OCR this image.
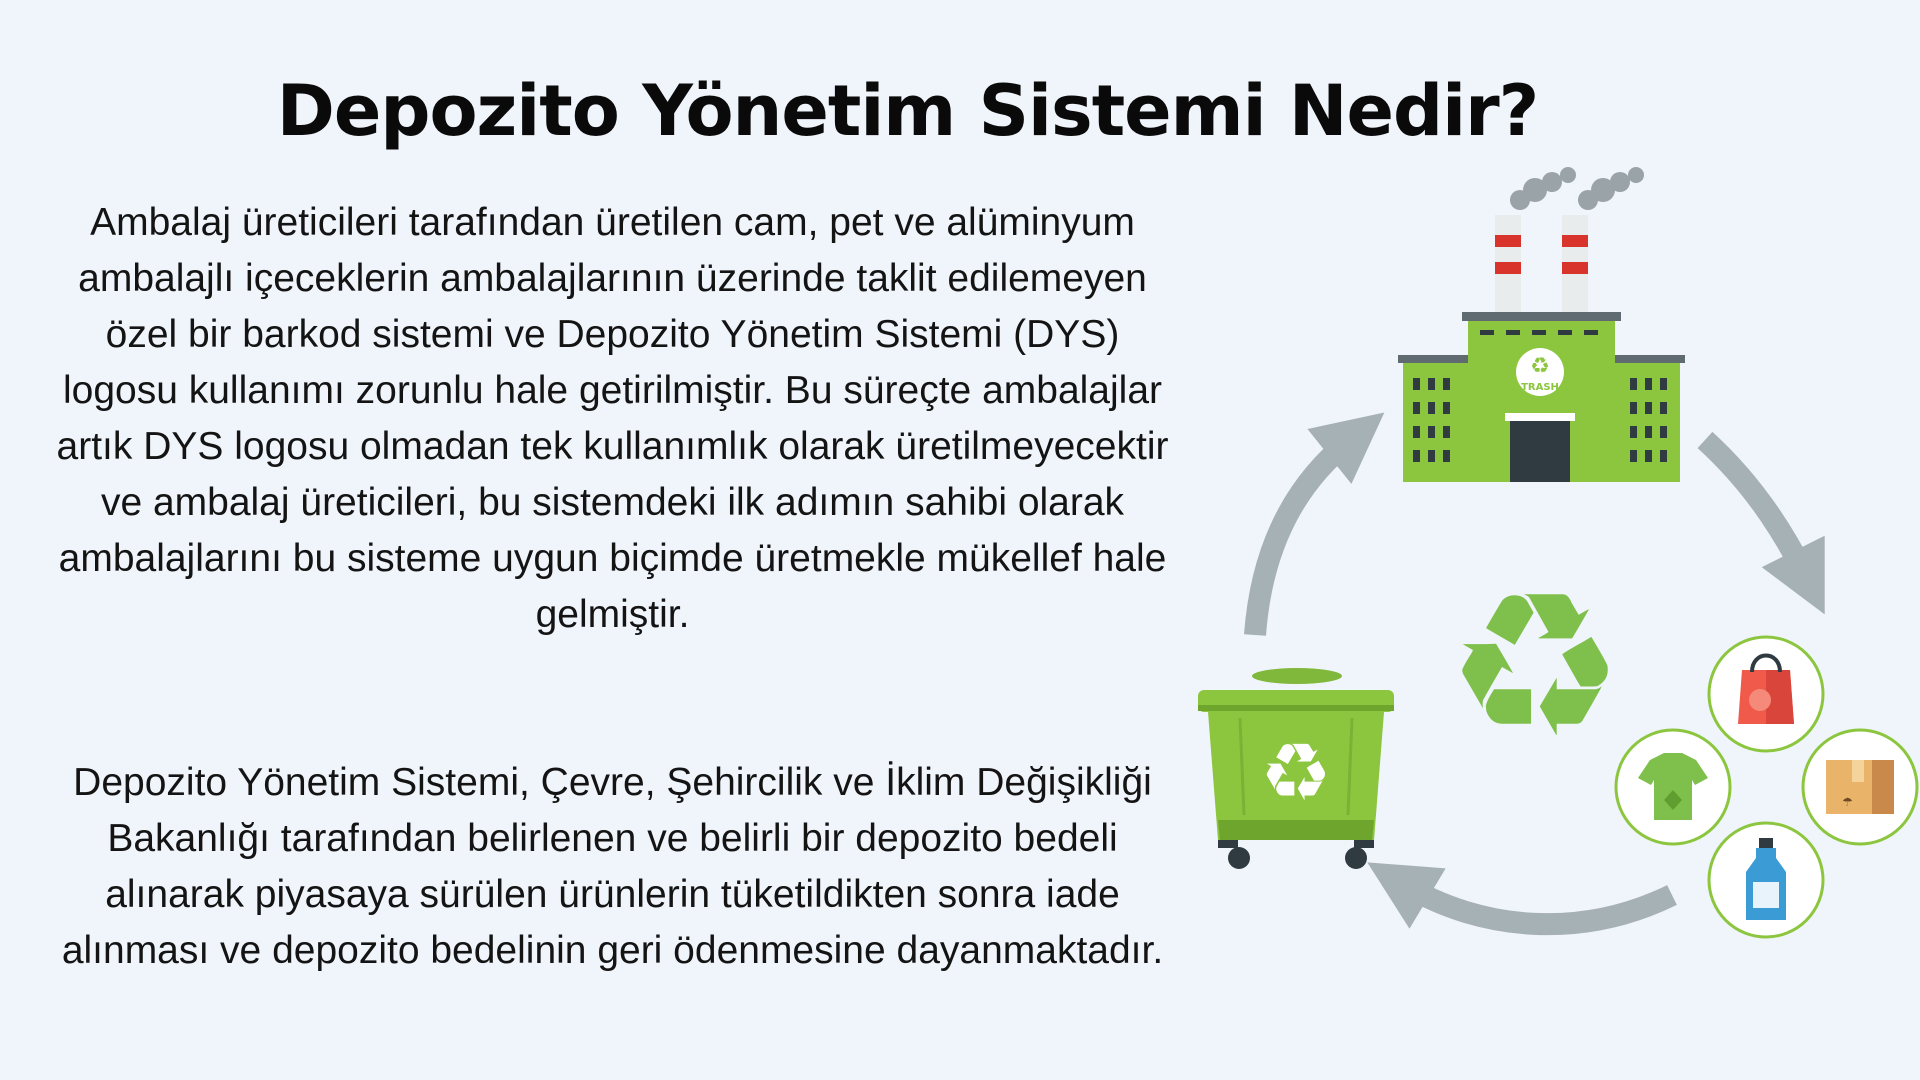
Depozito Yönetim Sistemi Nedir?

Ambalaj üreticileri tarafından üretilen cam, pet ve alüminyum ambalajlı içeceklerin ambalajlarının üzerinde taklit edilemeyen özel bir barkod sistemi ve Depozito Yönetim Sistemi (DYS) logosu kullanımı zorunlu hale getirilmiştir. Bu süreçte ambalajlar artık DYS logosu olmadan tek kullanımlık olarak üretilmeyecektir ve ambalaj üreticileri, bu sistemdeki ilk adımın sahibi olarak ambalajlarını bu sisteme uygun biçimde üretmekle mükellef hale gelmiştir.

Depozito Yönetim Sistemi, Çevre, Şehircilik ve İklim Değişikliği Bakanlığı tarafından belirlenen ve belirli bir depozito bedeli alınarak piyasaya sürülen ürünlerin tüketildikten sonra iade alınması ve depozito bedelinin geri ödenmesine dayanmaktadır.

♻
TRASH
♻
♻	☂
